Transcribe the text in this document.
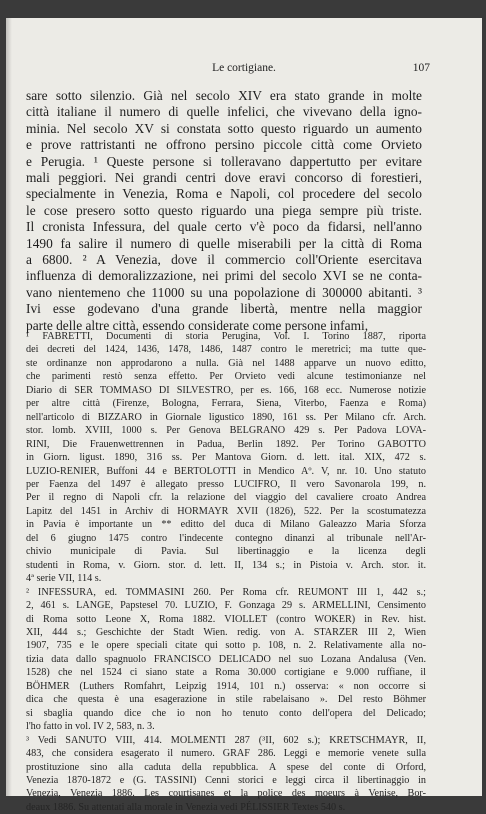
Le cortigiane.	107
sare sotto silenzio. Già nel secolo XIV era stato grande in molte
città italiane il numero di quelle infelici, che vivevano della igno-
minia. Nel secolo XV si constata sotto questo riguardo un aumento
e prove rattristanti ne offrono persino piccole città come Orvieto
e Perugia. ¹ Queste persone si tolleravano dappertutto per evitare
mali peggiori. Nei grandi centri dove eravi concorso di forestieri,
specialmente in Venezia, Roma e Napoli, col procedere del secolo
le cose presero sotto questo riguardo una piega sempre più triste.
Il cronista Infessura, del quale certo v'è poco da fidarsi, nell'anno
1490 fa salire il numero di quelle miserabili per la città di Roma
a 6800. ² A Venezia, dove il commercio coll'Oriente esercitava
influenza di demoralizzazione, nei primi del secolo XVI se ne conta-
vano nientemeno che 11000 su una popolazione di 300000 abitanti. ³
Ivi esse godevano d'una grande libertà, mentre nella maggior
parte delle altre città, essendo considerate come persone infami,
¹ FABRETTI, Documenti di storia Perugina, Vol. I. Torino 1887, riporta
dei decreti del 1424, 1436, 1478, 1486, 1487 contro le meretrici; ma tutte que-
ste ordinanze non approdarono a nulla. Già nel 1488 apparve un nuovo editto,
che parimenti restò senza effetto. Per Orvieto vedi alcune testimonianze nel
Diario di SER TOMMASO DI SILVESTRO, per es. 166, 168 ecc. Numerose notizie
per altre città (Firenze, Bologna, Ferrara, Siena, Viterbo, Faenza e Roma)
nell'articolo di BIZZARO in Giornale ligustico 1890, 161 ss. Per Milano cfr. Arch.
stor. lomb. XVIII, 1000 s. Per Genova BELGRANO 429 s. Per Padova LOVA-
RINI, Die Frauenwettrennen in Padua, Berlin 1892. Per Torino GABOTTO
in Giorn. ligust. 1890, 316 ss. Per Mantova Giorn. d. lett. ital. XIX, 472 s.
LUZIO-RENIER, Buffoni 44 e BERTOLOTTI in Mendico Aº. V, nr. 10. Uno statuto
per Faenza del 1497 è allegato presso LUCIFRO, Il vero Savonarola 199, n.
Per il regno di Napoli cfr. la relazione del viaggio del cavaliere croato Andrea
Lapitz del 1451 in Archiv di HORMAYR XVII (1826), 522. Per la scostumatezza
in Pavia è importante un ** editto del duca di Milano Galeazzo Maria Sforza
del 6 giugno 1475 contro l'indecente contegno dinanzi al tribunale nell'Ar-
chivio municipale di Pavia. Sul libertinaggio e la licenza degli
studenti in Roma, v. Giorn. stor. d. lett. II, 134 s.; in Pistoia v. Arch. stor. it.
4ª serie VII, 114 s.
² INFESSURA, ed. TOMMASINI 260. Per Roma cfr. REUMONT III 1, 442 s.;
2, 461 s. LANGE, Papstesel 70. LUZIO, F. Gonzaga 29 s. ARMELLINI, Censimento
di Roma sotto Leone X, Roma 1882. VIOLLET (contro WOKER) in Rev. hist.
XII, 444 s.; Geschichte der Stadt Wien. redig. von A. STARZER III 2, Wien
1907, 735 e le opere speciali citate qui sotto p. 108, n. 2. Relativamente alla no-
tizia data dallo spagnuolo FRANCISCO DELICADO nel suo Lozana Andalusa (Ven.
1528) che nel 1524 ci siano state a Roma 30.000 cortigiane e 9.000 ruffiane, il
BÖHMER (Luthers Romfahrt, Leipzig 1914, 101 n.) osserva: « non occorre si
dica che questa è una esagerazione in stile rabelaisano ». Del resto Böhmer
si sbaglia quando dice che io non ho tenuto conto dell'opera del Delicado;
l'ho fatto in vol. IV 2, 583, n. 3.
³ Vedi SANUTO VIII, 414. MOLMENTI 287 (³II, 602 s.); KRETSCHMAYR, II,
483, che considera esagerato il numero. GRAF 286. Leggi e memorie venete sulla
prostituzione sino alla caduta della repubblica. A spese del conte di Orford,
Venezia 1870-1872 e (G. TASSINI) Cenni storici e leggi circa il libertinaggio in
Venezia, Venezia 1886. Les courtisanes et la police des moeurs à Venise, Bor-
deaux 1886. Su attentati alla morale in Venezia vedi PÉLISSIER Textes 540 s.
